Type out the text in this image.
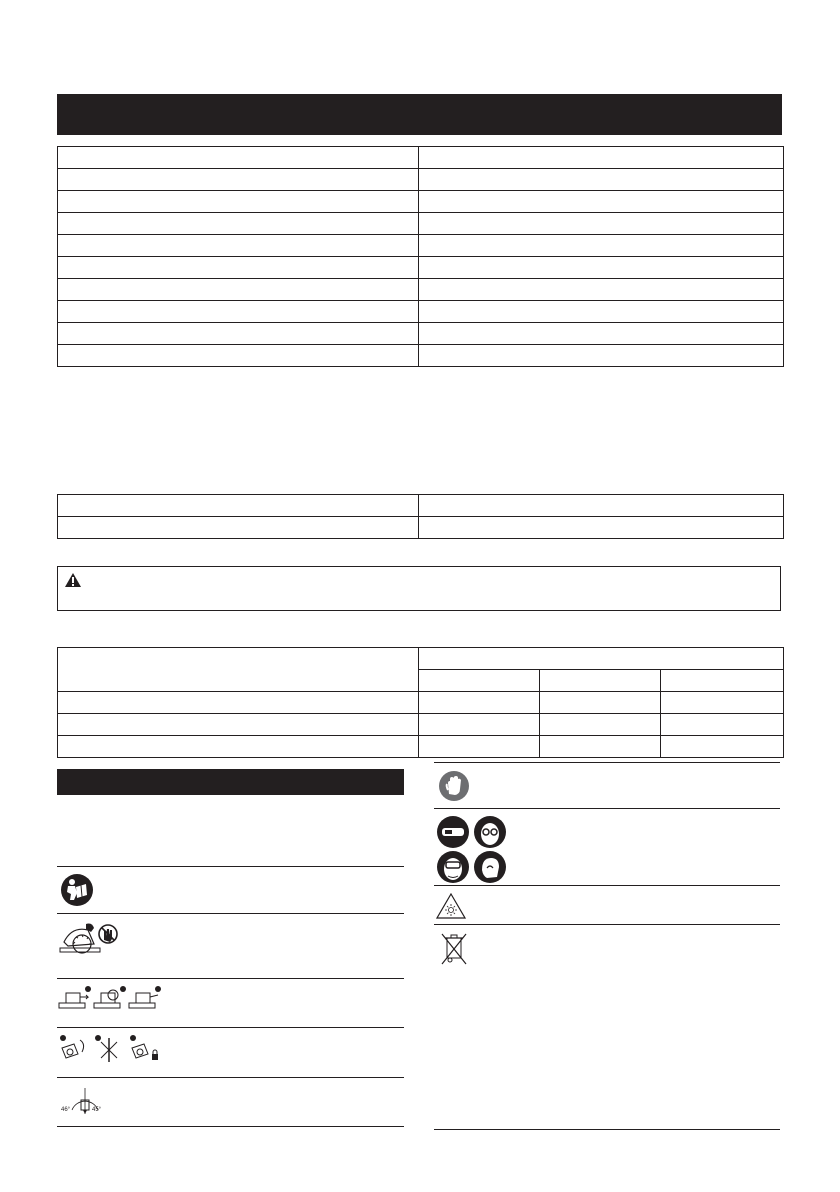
46°	45°
